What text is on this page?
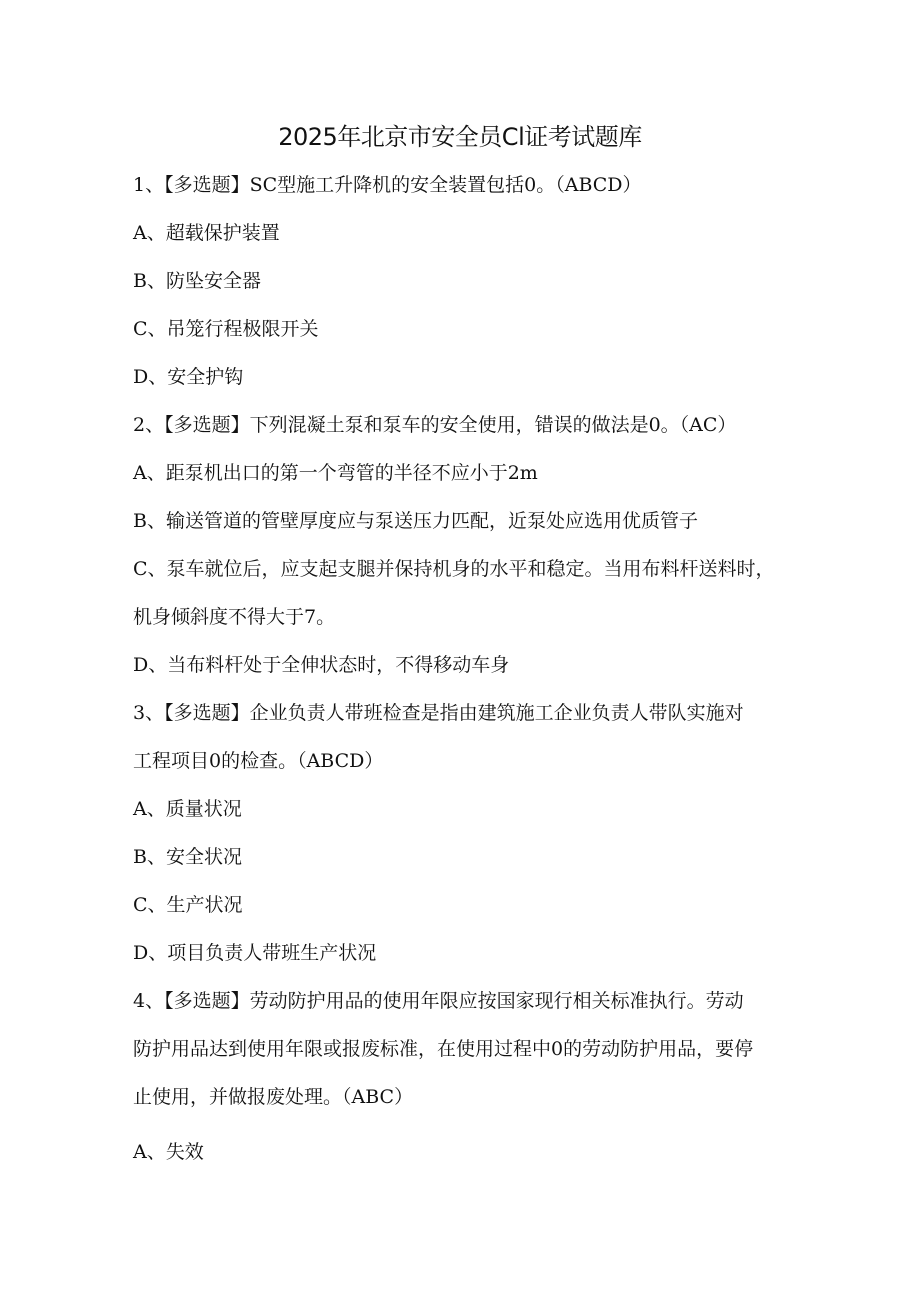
2025年北京市安全员Cl证考试题库
1、【多选题】SC型施工升降机的安全装置包括0。（ABCD）
A、超载保护装置
B、防坠安全器
C、吊笼行程极限开关
D、安全护钩
2、【多选题】下列混凝土泵和泵车的安全使用，错误的做法是0。（AC）
A、距泵机出口的第一个弯管的半径不应小于2m
B、输送管道的管壁厚度应与泵送压力匹配，近泵处应选用优质管子
C、泵车就位后，应支起支腿并保持机身的水平和稳定。当用布料杆送料时，
机身倾斜度不得大于7。
D、当布料杆处于全伸状态时，不得移动车身
3、【多选题】企业负责人带班检查是指由建筑施工企业负责人带队实施对
工程项目0的检查。（ABCD）
A、质量状况
B、安全状况
C、生产状况
D、项目负责人带班生产状况
4、【多选题】劳动防护用品的使用年限应按国家现行相关标准执行。劳动
防护用品达到使用年限或报废标准，在使用过程中0的劳动防护用品，要停
止使用，并做报废处理。（ABC）
A、失效
